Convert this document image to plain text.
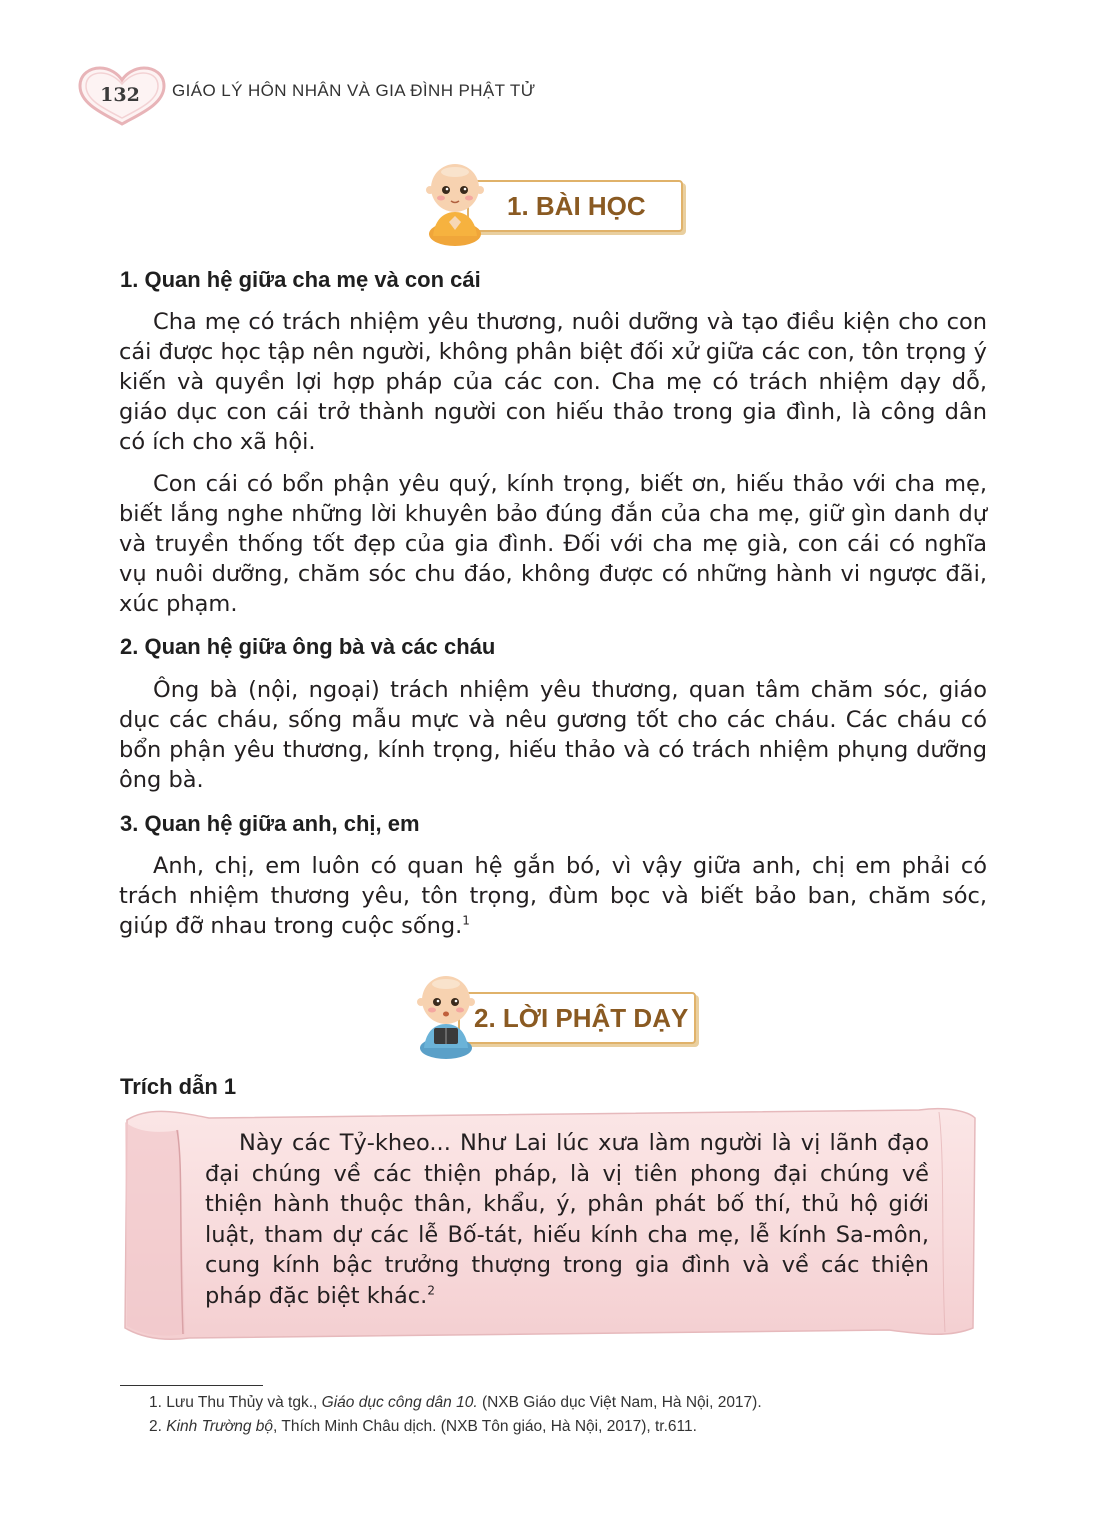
132	GIÁO LÝ HÔN NHÂN VÀ GIA ĐÌNH PHẬT TỬ
1. BÀI HỌC
1. Quan hệ giữa cha mẹ và con cái

Cha mẹ có trách nhiệm yêu thương, nuôi dưỡng và tạo điều kiện cho con cái được học tập nên người, không phân biệt đối xử giữa các con, tôn trọng ý kiến và quyền lợi hợp pháp của các con. Cha mẹ có trách nhiệm dạy dỗ, giáo dục con cái trở thành người con hiếu thảo trong gia đình, là công dân có ích cho xã hội.

Con cái có bổn phận yêu quý, kính trọng, biết ơn, hiếu thảo với cha mẹ, biết lắng nghe những lời khuyên bảo đúng đắn của cha mẹ, giữ gìn danh dự và truyền thống tốt đẹp của gia đình. Đối với cha mẹ già, con cái có nghĩa vụ nuôi dưỡng, chăm sóc chu đáo, không được có những hành vi ngược đãi, xúc phạm.

2. Quan hệ giữa ông bà và các cháu

Ông bà (nội, ngoại) trách nhiệm yêu thương, quan tâm chăm sóc, giáo dục các cháu, sống mẫu mực và nêu gương tốt cho các cháu. Các cháu có bổn phận yêu thương, kính trọng, hiếu thảo và có trách nhiệm phụng dưỡng ông bà.

3. Quan hệ giữa anh, chị, em

Anh, chị, em luôn có quan hệ gắn bó, vì vậy giữa anh, chị em phải có trách nhiệm thương yêu, tôn trọng, đùm bọc và biết bảo ban, chăm sóc, giúp đỡ nhau trong cuộc sống.$^1$

2. LỜI PHẬT DẠY
Trích dẫn 1

Này các Tỷ-kheo... Như Lai lúc xưa làm người là vị lãnh đạo đại chúng về các thiện pháp, là vị tiên phong đại chúng về thiện hành thuộc thân, khẩu, ý, phân phát bố thí, thủ hộ giới luật, tham dự các lễ Bố-tát, hiếu kính cha mẹ, lễ kính Sa-môn, cung kính bậc trưởng thượng trong gia đình và về các thiện pháp đặc biệt khác.$^2$

1. Lưu Thu Thủy và tgk., Giáo dục công dân 10. (NXB Giáo dục Việt Nam, Hà Nội, 2017).
2. Kinh Trường bộ, Thích Minh Châu dịch. (NXB Tôn giáo, Hà Nội, 2017), tr.611.
